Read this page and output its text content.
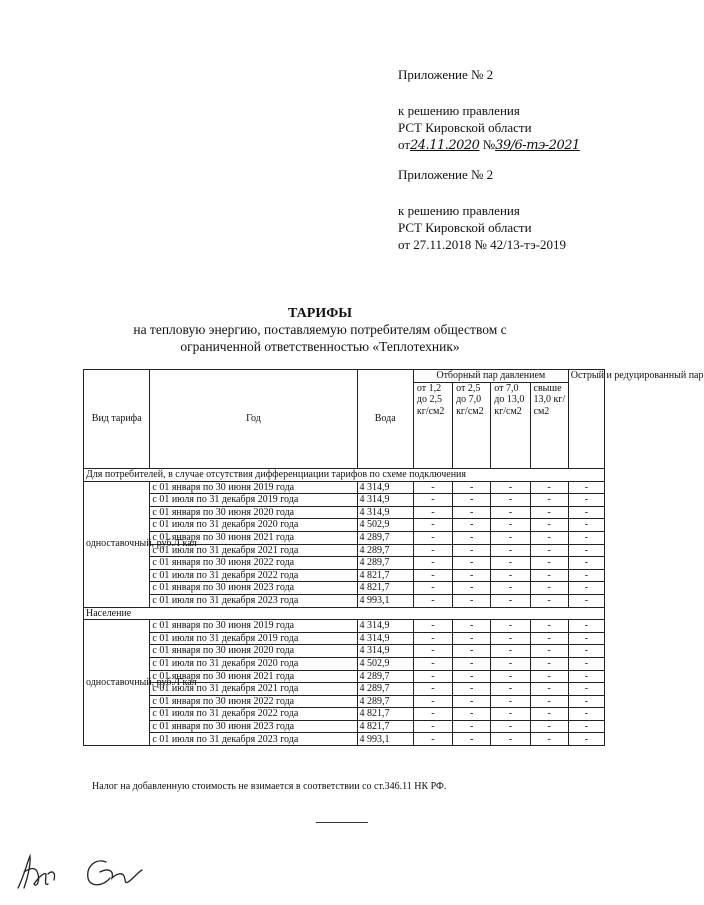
Приложение № 2
к решению правления
РСТ Кировской области
от24.11.2020 №39/6-тэ-2021
Приложение № 2
к решению правления
РСТ Кировской области
от 27.11.2018 № 42/13-тэ-2019
ТАРИФЫ
на тепловую энергию, поставляемую потребителям обществом с
ограниченной ответственностью «Теплотехник»
Вид тарифа	Год	Вода	Отборный пар давлением				Острый и редуцированный пар
			от 1,2 до 2,5 кг/см2	от 2,5 до 7,0 кг/см2	от 7,0 до 13,0 кг/см2	свыше 13,0 кг/см2	
Для потребителей, в случае отсутствия дифференциации тарифов по схеме подключения							
одноставочный, руб./Гкал	с 01 января по 30 июня 2019 года	4 314,9	-	-	-	-	-
	с 01 июля по 31 декабря 2019 года	4 314,9	-	-	-	-	-
	с 01 января по 30 июня 2020 года	4 314,9	-	-	-	-	-
	с 01 июля по 31 декабря 2020 года	4 502,9	-	-	-	-	-
	с 01 января по 30 июня 2021 года	4 289,7	-	-	-	-	-
	с 01 июля по 31 декабря 2021 года	4 289,7	-	-	-	-	-
	с 01 января по 30 июня 2022 года	4 289,7	-	-	-	-	-
	с 01 июля по 31 декабря 2022 года	4 821,7	-	-	-	-	-
	с 01 января по 30 июня 2023 года	4 821,7	-	-	-	-	-
	с 01 июля по 31 декабря 2023 года	4 993,1	-	-	-	-	-
Население							
одноставочный, руб./Гкал	с 01 января по 30 июня 2019 года	4 314,9	-	-	-	-	-
	с 01 июля по 31 декабря 2019 года	4 314,9	-	-	-	-	-
	с 01 января по 30 июня 2020 года	4 314,9	-	-	-	-	-
	с 01 июля по 31 декабря 2020 года	4 502,9	-	-	-	-	-
	с 01 января по 30 июня 2021 года	4 289,7	-	-	-	-	-
	с 01 июля по 31 декабря 2021 года	4 289,7	-	-	-	-	-
	с 01 января по 30 июня 2022 года	4 289,7	-	-	-	-	-
	с 01 июля по 31 декабря 2022 года	4 821,7	-	-	-	-	-
	с 01 января по 30 июня 2023 года	4 821,7	-	-	-	-	-
	с 01 июля по 31 декабря 2023 года	4 993,1	-	-	-	-	-
Налог на добавленную стоимость не взимается в соответствии со ст.346.11 НК РФ.
